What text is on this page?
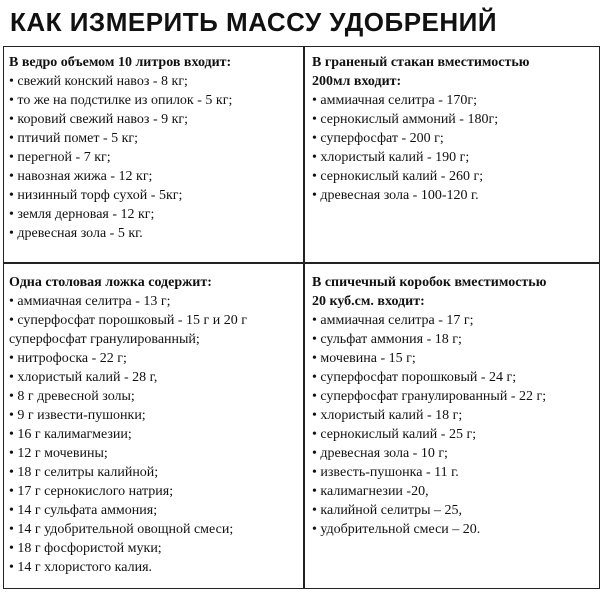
КАК ИЗМЕРИТЬ МАССУ УДОБРЕНИЙ
В ведро объемом 10 литров входит:
• свежий конский навоз - 8 кг;
• то же на подстилке из опилок - 5 кг;
• коровий свежий навоз - 9 кг;
• птичий помет - 5 кг;
• перегной - 7 кг;
• навозная жижа - 12 кг;
• низинный торф сухой - 5кг;
• земля дерновая - 12 кг;
• древесная зола - 5 кг.
В граненый стакан вместимостью
200мл входит:
• аммиачная селитра - 170г;
• сернокислый аммоний - 180г;
• суперфосфат - 200 г;
• хлористый калий - 190 г;
• сернокислый калий - 260 г;
• древесная зола - 100-120 г.
Одна столовая ложка содержит:
• аммиачная селитра - 13 г;
• суперфосфат порошковый - 15 г и 20 г
суперфосфат гранулированный;
• нитрофоска - 22 г;
• хлористый калий - 28 г,
• 8 г древесной золы;
• 9 г извести-пушонки;
• 16 г калимагмезии;
• 12 г мочевины;
• 18 г селитры калийной;
• 17 г сернокислого натрия;
• 14 г сульфата аммония;
• 14 г удобрительной овощной смеси;
• 18 г фосфористой муки;
• 14 г хлористого калия.
В спичечный коробок вместимостью
20 куб.см. входит:
• аммиачная селитра - 17 г;
• сульфат аммония - 18 г;
• мочевина - 15 г;
• суперфосфат порошковый - 24 г;
• суперфосфат гранулированный - 22 г;
• хлористый калий - 18 г;
• сернокислый калий - 25 г;
• древесная зола - 10 г;
• известь-пушонка - 11 г.
• калимагнезии -20,
• калийной селитры – 25,
• удобрительной смеси – 20.
